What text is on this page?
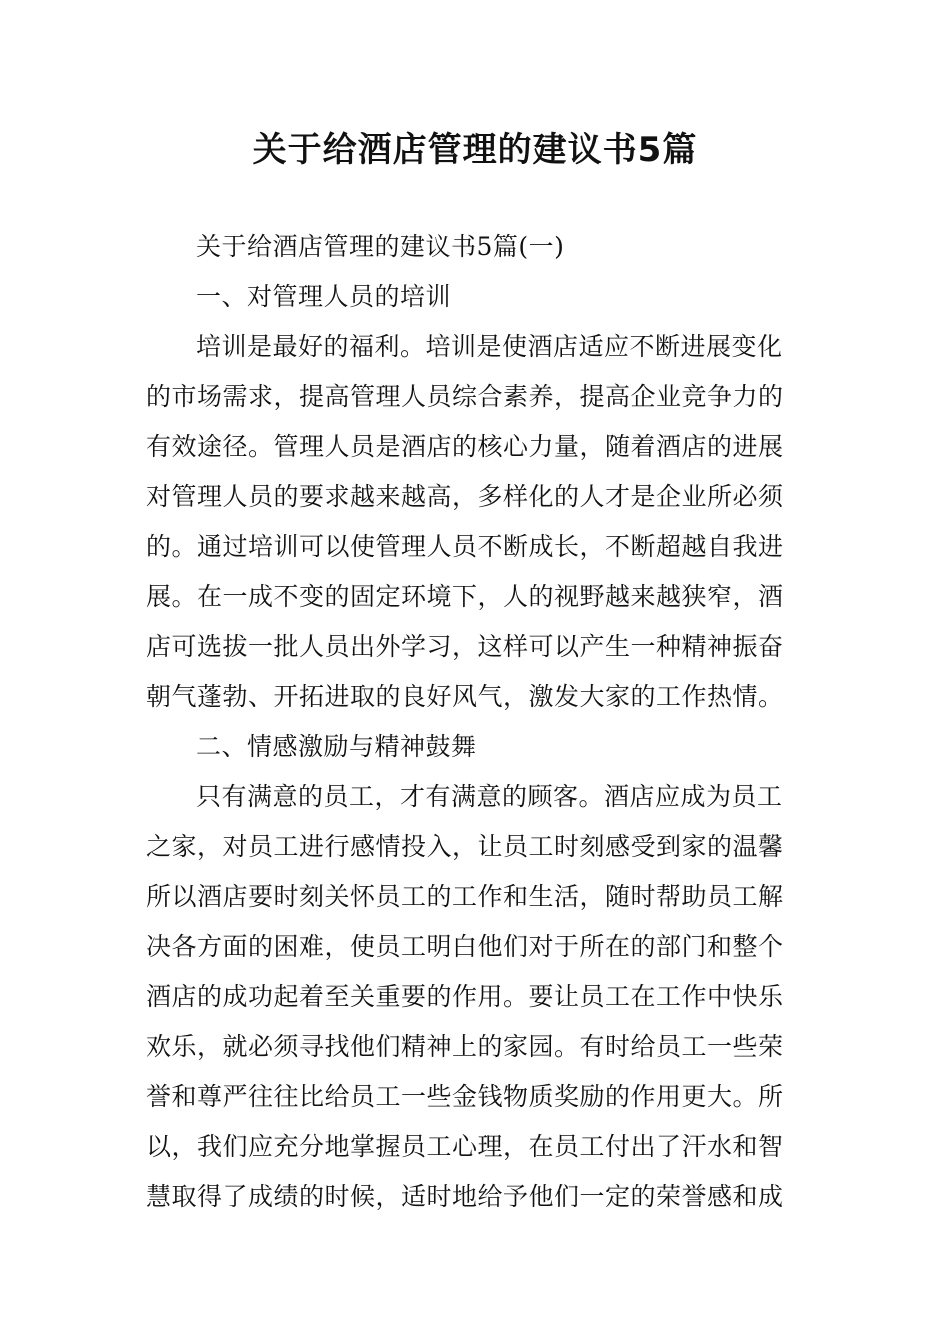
关于给酒店管理的建议书5篇
关于给酒店管理的建议书5篇(一)
一、对管理人员的培训
培训是最好的福利。培训是使酒店适应不断进展变化
的市场需求，提高管理人员综合素养，提高企业竞争力的
有效途径。管理人员是酒店的核心力量，随着酒店的进展
对管理人员的要求越来越高，多样化的人才是企业所必须
的。通过培训可以使管理人员不断成长，不断超越自我进
展。在一成不变的固定环境下，人的视野越来越狭窄，酒
店可选拔一批人员出外学习，这样可以产生一种精神振奋
朝气蓬勃、开拓进取的良好风气，激发大家的工作热情。
二、情感激励与精神鼓舞
只有满意的员工，才有满意的顾客。酒店应成为员工
之家，对员工进行感情投入，让员工时刻感受到家的温馨
所以酒店要时刻关怀员工的工作和生活，随时帮助员工解
决各方面的困难，使员工明白他们对于所在的部门和整个
酒店的成功起着至关重要的作用。要让员工在工作中快乐
欢乐，就必须寻找他们精神上的家园。有时给员工一些荣
誉和尊严往往比给员工一些金钱物质奖励的作用更大。所
以，我们应充分地掌握员工心理，在员工付出了汗水和智
慧取得了成绩的时候，适时地给予他们一定的荣誉感和成
